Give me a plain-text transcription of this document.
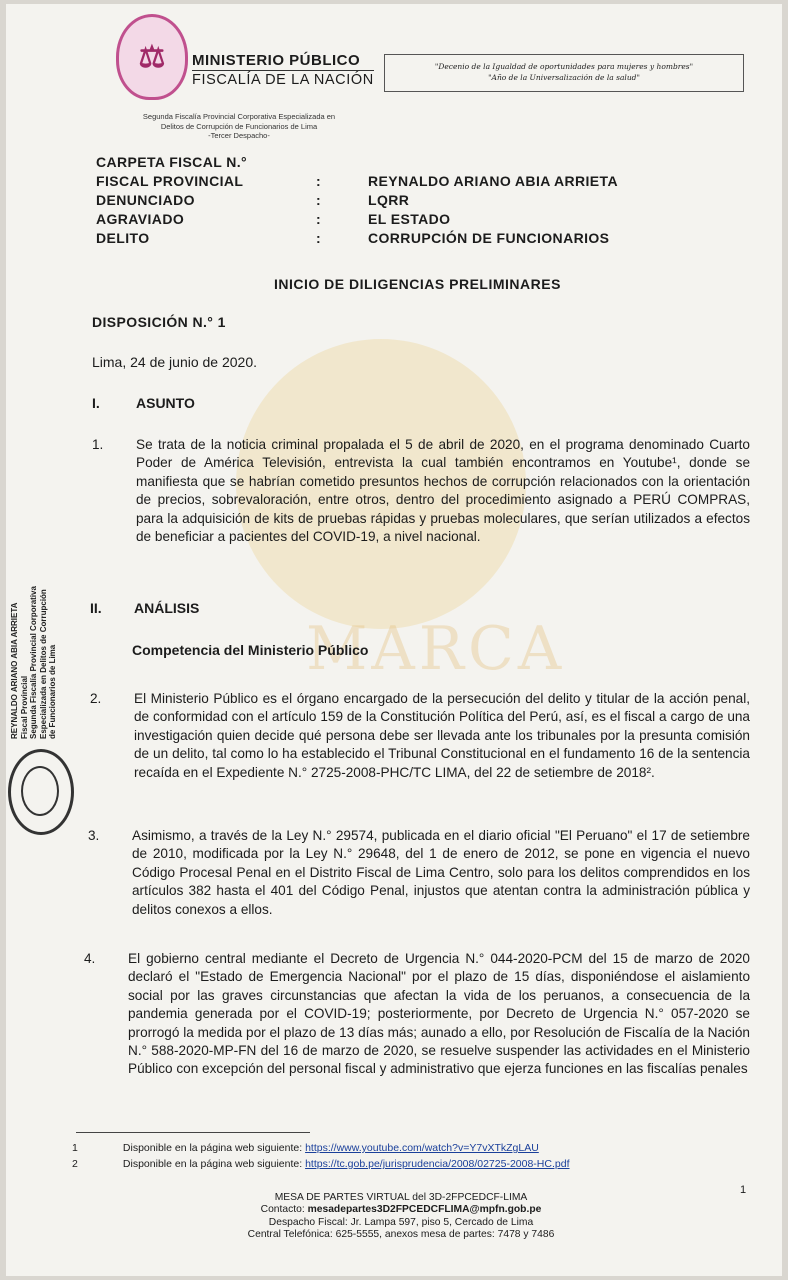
MARCA
⚖	MINISTERIO PÚBLICO
FISCALÍA DE LA NACIÓN
"Decenio de la Igualdad de oportunidades para mujeres y hombres"
"Año de la Universalización de la salud"
Segunda Fiscalía Provincial Corporativa Especializada en
Delitos de Corrupción de Funcionarios de Lima
-Tercer Despacho-
CARPETA FISCAL N.°
FISCAL PROVINCIAL	:	REYNALDO ARIANO ABIA ARRIETA
DENUNCIADO	:	LQRR
AGRAVIADO	:	EL ESTADO
DELITO	:	CORRUPCIÓN DE FUNCIONARIOS
INICIO DE DILIGENCIAS PRELIMINARES
DISPOSICIÓN N.° 1
Lima, 24 de junio de 2020.
I.	ASUNTO
1. Se trata de la noticia criminal propalada el 5 de abril de 2020, en el programa denominado Cuarto Poder de América Televisión, entrevista la cual también encontramos en Youtube¹, donde se manifiesta que se habrían cometido presuntos hechos de corrupción relacionados con la orientación de precios, sobrevaloración, entre otros, dentro del procedimiento asignado a PERÚ COMPRAS, para la adquisición de kits de pruebas rápidas y pruebas moleculares, que serían utilizados a efectos de beneficiar a pacientes del COVID-19, a nivel nacional.
II. ANÁLISIS
Competencia del Ministerio Público
2. El Ministerio Público es el órgano encargado de la persecución del delito y titular de la acción penal, de conformidad con el artículo 159 de la Constitución Política del Perú, así, es el fiscal a cargo de una investigación quien decide qué persona debe ser llevada ante los tribunales por la presunta comisión de un delito, tal como lo ha establecido el Tribunal Constitucional en el fundamento 16 de la sentencia recaída en el Expediente N.° 2725-2008-PHC/TC LIMA, del 22 de setiembre de 2018².
3. Asimismo, a través de la Ley N.° 29574, publicada en el diario oficial "El Peruano" el 17 de setiembre de 2010, modificada por la Ley N.° 29648, del 1 de enero de 2012, se pone en vigencia el nuevo Código Procesal Penal en el Distrito Fiscal de Lima Centro, solo para los delitos comprendidos en los artículos 382 hasta el 401 del Código Penal, injustos que atentan contra la administración pública y delitos conexos a ellos.
4. El gobierno central mediante el Decreto de Urgencia N.° 044-2020-PCM del 15 de marzo de 2020 declaró el "Estado de Emergencia Nacional" por el plazo de 15 días, disponiéndose el aislamiento social por las graves circunstancias que afectan la vida de los peruanos, a consecuencia de la pandemia generada por el COVID-19; posteriormente, por Decreto de Urgencia N.° 057-2020 se prorrogó la medida por el plazo de 13 días más; aunado a ello, por Resolución de Fiscalía de la Nación N.° 588-2020-MP-FN del 16 de marzo de 2020, se resuelve suspender las actividades en el Ministerio Público con excepción del personal fiscal y administrativo que ejerza funciones en las fiscalías penales
REYNALDO ARIANO ABIA ARRIETA Fiscal Provincial Segunda Fiscalía Provincial Corporativa Especializada en Delitos de Corrupción de Funcionarios de Lima
1	Disponible en la página web siguiente: https://www.youtube.com/watch?v=Y7vXTkZgLAU
2	Disponible en la página web siguiente: https://tc.gob.pe/jurisprudencia/2008/02725-2008-HC.pdf
1
MESA DE PARTES VIRTUAL del 3D-2FPCEDCF-LIMA
Contacto: mesadepartes3D2FPCEDCFLIMA@mpfn.gob.pe
Despacho Fiscal: Jr. Lampa 597, piso 5, Cercado de Lima
Central Telefónica: 625-5555, anexos mesa de partes: 7478 y 7486
